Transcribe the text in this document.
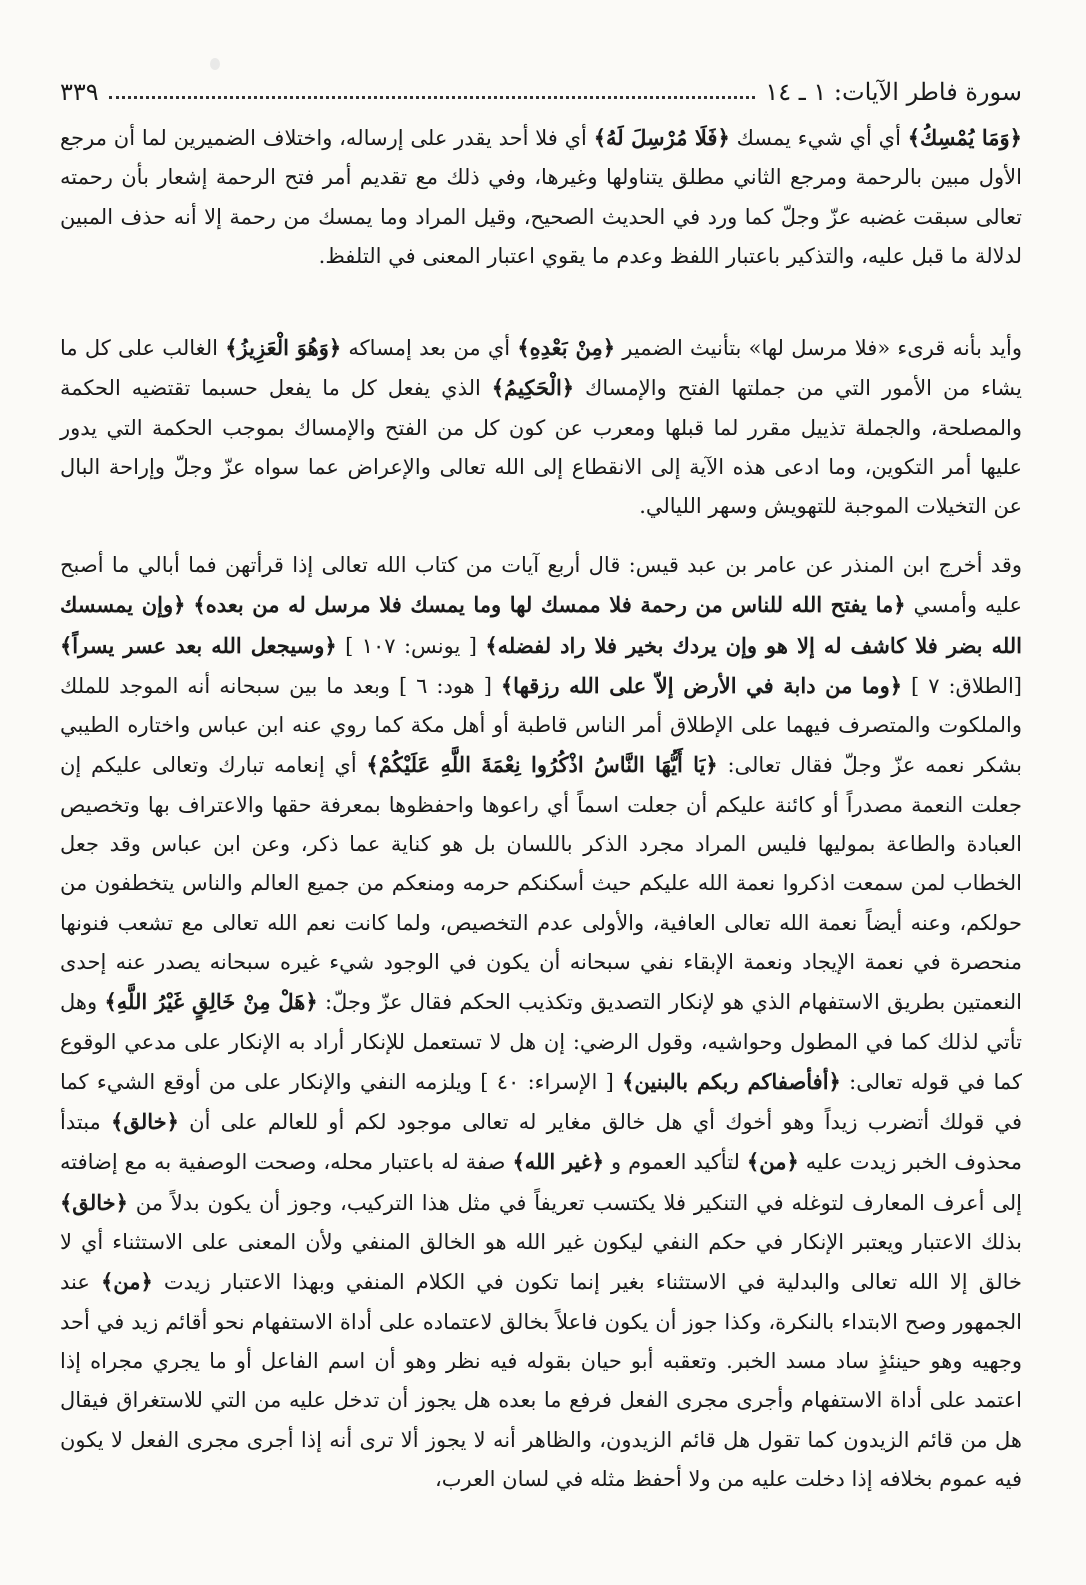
سورة فاطر الآيات: ١ ـ ١٤
٣٣٩

﴿وَمَا يُمْسِكُ﴾ أي أي شيء يمسك ﴿فَلَا مُرْسِلَ لَهُ﴾ أي فلا أحد يقدر على إرساله، واختلاف الضميرين لما أن مرجع الأول مبين بالرحمة ومرجع الثاني مطلق يتناولها وغيرها، وفي ذلك مع تقديم أمر فتح الرحمة إشعار بأن رحمته تعالى سبقت غضبه عزّ وجلّ كما ورد في الحديث الصحيح، وقيل المراد وما يمسك من رحمة إلا أنه حذف المبين لدلالة ما قبل عليه، والتذكير باعتبار اللفظ وعدم ما يقوي اعتبار المعنى في التلفظ.

وأيد بأنه قرىء «فلا مرسل لها» بتأنيث الضمير ﴿مِنْ بَعْدِهِ﴾ أي من بعد إمساكه ﴿وَهُوَ الْعَزِيزُ﴾ الغالب على كل ما يشاء من الأمور التي من جملتها الفتح والإمساك ﴿الْحَكِيمُ﴾ الذي يفعل كل ما يفعل حسبما تقتضيه الحكمة والمصلحة، والجملة تذييل مقرر لما قبلها ومعرب عن كون كل من الفتح والإمساك بموجب الحكمة التي يدور عليها أمر التكوين، وما ادعى هذه الآية إلى الانقطاع إلى الله تعالى والإعراض عما سواه عزّ وجلّ وإراحة البال عن التخيلات الموجبة للتهويش وسهر الليالي.

وقد أخرج ابن المنذر عن عامر بن عبد قيس: قال أربع آيات من كتاب الله تعالى إذا قرأتهن فما أبالي ما أصبح عليه وأمسي ﴿ما يفتح الله للناس من رحمة فلا ممسك لها وما يمسك فلا مرسل له من بعده﴾ ﴿وإن يمسسك الله بضر فلا كاشف له إلا هو وإن يردك بخير فلا راد لفضله﴾ [ يونس: ١٠٧ ] ﴿وسيجعل الله بعد عسر يسراً﴾ [الطلاق: ٧ ] ﴿وما من دابة في الأرض إلاّ على الله رزقها﴾ [ هود: ٦ ] وبعد ما بين سبحانه أنه الموجد للملك والملكوت والمتصرف فيهما على الإطلاق أمر الناس قاطبة أو أهل مكة كما روي عنه ابن عباس واختاره الطيبي بشكر نعمه عزّ وجلّ فقال تعالى: ﴿يَا أَيُّهَا النَّاسُ اذْكُرُوا نِعْمَةَ اللَّهِ عَلَيْكُمْ﴾ أي إنعامه تبارك وتعالى عليكم إن جعلت النعمة مصدراً أو كائنة عليكم أن جعلت اسماً أي راعوها واحفظوها بمعرفة حقها والاعتراف بها وتخصيص العبادة والطاعة بموليها فليس المراد مجرد الذكر باللسان بل هو كناية عما ذكر، وعن ابن عباس وقد جعل الخطاب لمن سمعت اذكروا نعمة الله عليكم حيث أسكنكم حرمه ومنعكم من جميع العالم والناس يتخطفون من حولكم، وعنه أيضاً نعمة الله تعالى العافية، والأولى عدم التخصيص، ولما كانت نعم الله تعالى مع تشعب فنونها منحصرة في نعمة الإيجاد ونعمة الإبقاء نفي سبحانه أن يكون في الوجود شيء غيره سبحانه يصدر عنه إحدى النعمتين بطريق الاستفهام الذي هو لإنكار التصديق وتكذيب الحكم فقال عزّ وجلّ: ﴿هَلْ مِنْ خَالِقٍ غَيْرُ اللَّهِ﴾ وهل تأتي لذلك كما في المطول وحواشيه، وقول الرضي: إن هل لا تستعمل للإنكار أراد به الإنكار على مدعي الوقوع كما في قوله تعالى: ﴿أفأصفاكم ربكم بالبنين﴾ [ الإسراء: ٤٠ ] ويلزمه النفي والإنكار على من أوقع الشيء كما في قولك أتضرب زيداً وهو أخوك أي هل خالق مغاير له تعالى موجود لكم أو للعالم على أن ﴿خالق﴾ مبتدأ محذوف الخبر زيدت عليه ﴿من﴾ لتأكيد العموم و ﴿غير الله﴾ صفة له باعتبار محله، وصحت الوصفية به مع إضافته إلى أعرف المعارف لتوغله في التنكير فلا يكتسب تعريفاً في مثل هذا التركيب، وجوز أن يكون بدلاً من ﴿خالق﴾ بذلك الاعتبار ويعتبر الإنكار في حكم النفي ليكون غير الله هو الخالق المنفي ولأن المعنى على الاستثناء أي لا خالق إلا الله تعالى والبدلية في الاستثناء بغير إنما تكون في الكلام المنفي وبهذا الاعتبار زيدت ﴿من﴾ عند الجمهور وصح الابتداء بالنكرة، وكذا جوز أن يكون فاعلاً بخالق لاعتماده على أداة الاستفهام نحو أقائم زيد في أحد وجهيه وهو حينئذٍ ساد مسد الخبر. وتعقبه أبو حيان بقوله فيه نظر وهو أن اسم الفاعل أو ما يجري مجراه إذا اعتمد على أداة الاستفهام وأجرى مجرى الفعل فرفع ما بعده هل يجوز أن تدخل عليه من التي للاستغراق فيقال هل من قائم الزيدون كما تقول هل قائم الزيدون، والظاهر أنه لا يجوز ألا ترى أنه إذا أجرى مجرى الفعل لا يكون فيه عموم بخلافه إذا دخلت عليه من ولا أحفظ مثله في لسان العرب،
